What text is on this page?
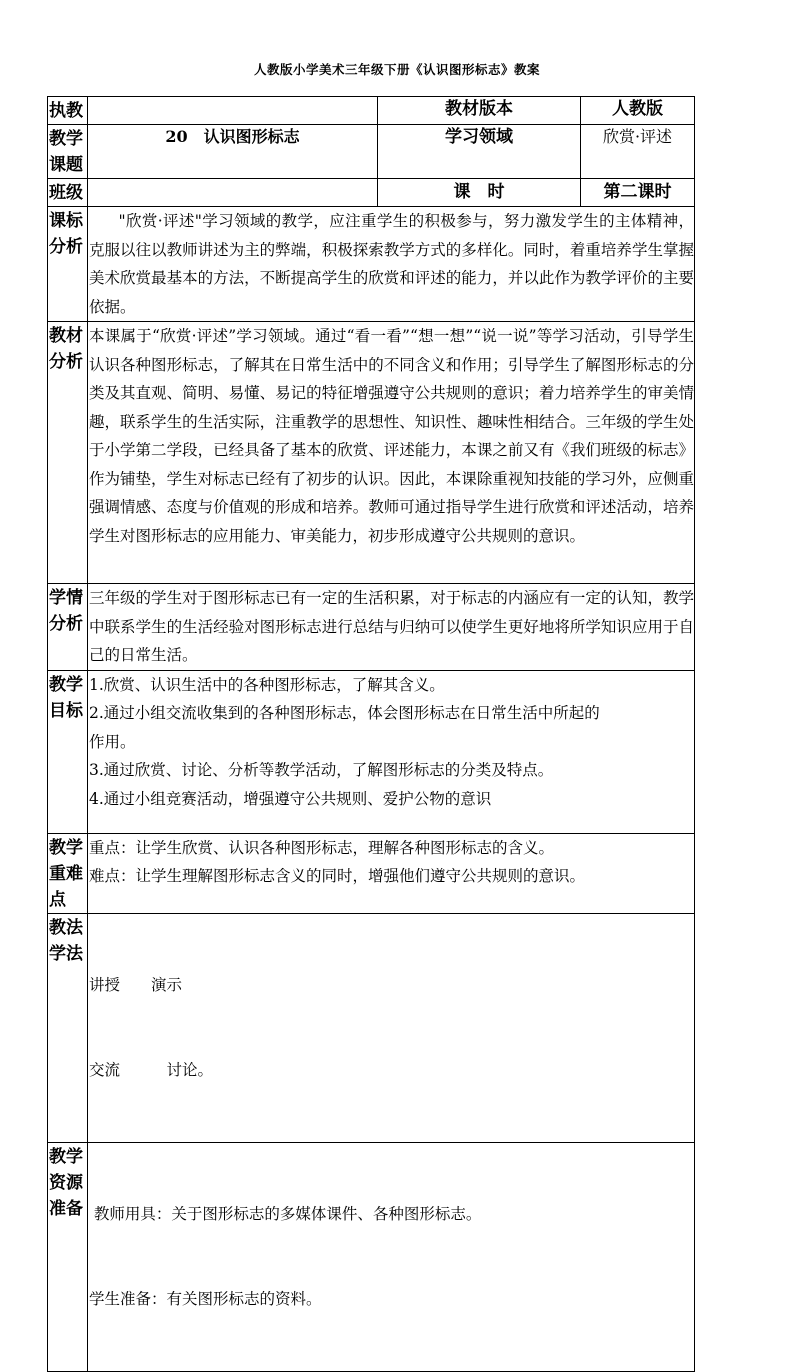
人教版小学美术三年级下册《认识图形标志》教案
执教		教材版本	人教版
教学课题	20　认识图形标志	学习领域	欣赏·评述
班级		课　时	第二课时
课标分析	"欣赏·评述"学习领域的教学，应注重学生的积极参与，努力激发学生的主体精神，克服以往以教师讲述为主的弊端，积极探索教学方式的多样化。同时，着重培养学生掌握美术欣赏最基本的方法，不断提高学生的欣赏和评述的能力，并以此作为教学评价的主要依据。		

教材分析	本课属于“欣赏·评述”学习领域。通过“看一看”“想一想”“说一说”等学习活动，引导学生认识各种图形标志，了解其在日常生活中的不同含义和作用；引导学生了解图形标志的分类及其直观、简明、易懂、易记的特征增强遵守公共规则的意识；着力培养学生的审美情趣，联系学生的生活实际，注重教学的思想性、知识性、趣味性相结合。三年级的学生处于小学第二学段，已经具备了基本的欣赏、评述能力，本课之前又有《我们班级的标志》作为铺垫，学生对标志已经有了初步的认识。因此，本课除重视知技能的学习外，应侧重强调情感、态度与价值观的形成和培养。教师可通过指导学生进行欣赏和评述活动，培养学生对图形标志的应用能力、审美能力，初步形成遵守公共规则的意识。		

学情分析	三年级的学生对于图形标志已有一定的生活积累，对于标志的内涵应有一定的认知，教学中联系学生的生活经验对图形标志进行总结与归纳可以使学生更好地将所学知识应用于自己的日常生活。		

教学目标	1.欣赏、认识生活中的各种图形标志，了解其含义。

2.通过小组交流收集到的各种图形标志，体会图形标志在日常生活中所起的

作用。

3.通过欣赏、讨论、分析等教学活动，了解图形标志的分类及特点。

4.通过小组竞赛活动，增强遵守公共规则、爱护公物的意识		

教学重难点	重点：让学生欣赏、认识各种图形标志，理解各种图形标志的含义。

难点：让学生理解图形标志含义的同时，增强他们遵守公共规则的意识。		

教法学法	讲授　　演示

交流　　　讨论。		

教学资源准备	教师用具：关于图形标志的多媒体课件、各种图形标志。

学生准备：有关图形标志的资料。		
